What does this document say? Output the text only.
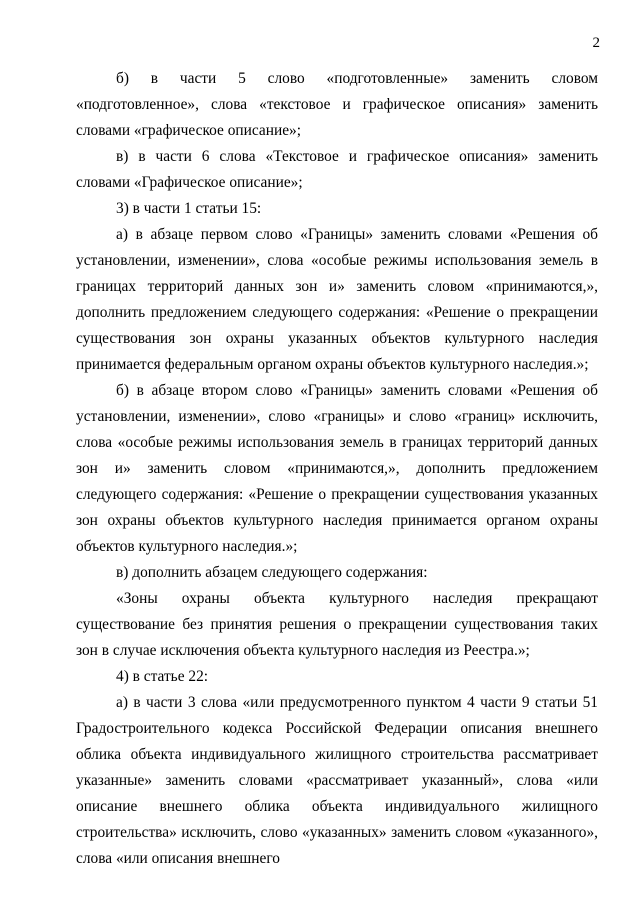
2

б) в части 5 слово «подготовленные» заменить словом «подготовленное», слова «текстовое и графическое описания» заменить словами «графическое описание»;

в) в части 6 слова «Текстовое и графическое описания» заменить словами «Графическое описание»;

3) в части 1 статьи 15:

а) в абзаце первом слово «Границы» заменить словами «Решения об установлении, изменении», слова «особые режимы использования земель в границах территорий данных зон и» заменить словом «принимаются,», дополнить предложением следующего содержания: «Решение о прекращении существования зон охраны указанных объектов культурного наследия принимается федеральным органом охраны объектов культурного наследия.»;

б) в абзаце втором слово «Границы» заменить словами «Решения об установлении, изменении», слово «границы» и слово «границ» исключить, слова «особые режимы использования земель в границах территорий данных зон и» заменить словом «принимаются,», дополнить предложением следующего содержания: «Решение о прекращении существования указанных зон охраны объектов культурного наследия принимается органом охраны объектов культурного наследия.»;

в) дополнить абзацем следующего содержания:

«Зоны охраны объекта культурного наследия прекращают существование без принятия решения о прекращении существования таких зон в случае исключения объекта культурного наследия из Реестра.»;

4) в статье 22:

а) в части 3 слова «или предусмотренного пунктом 4 части 9 статьи 51 Градостроительного кодекса Российской Федерации описания внешнего облика объекта индивидуального жилищного строительства рассматривает указанные» заменить словами «рассматривает указанный», слова «или описание внешнего облика объекта индивидуального жилищного строительства» исключить, слово «указанных» заменить словом «указанного», слова «или описания внешнего
